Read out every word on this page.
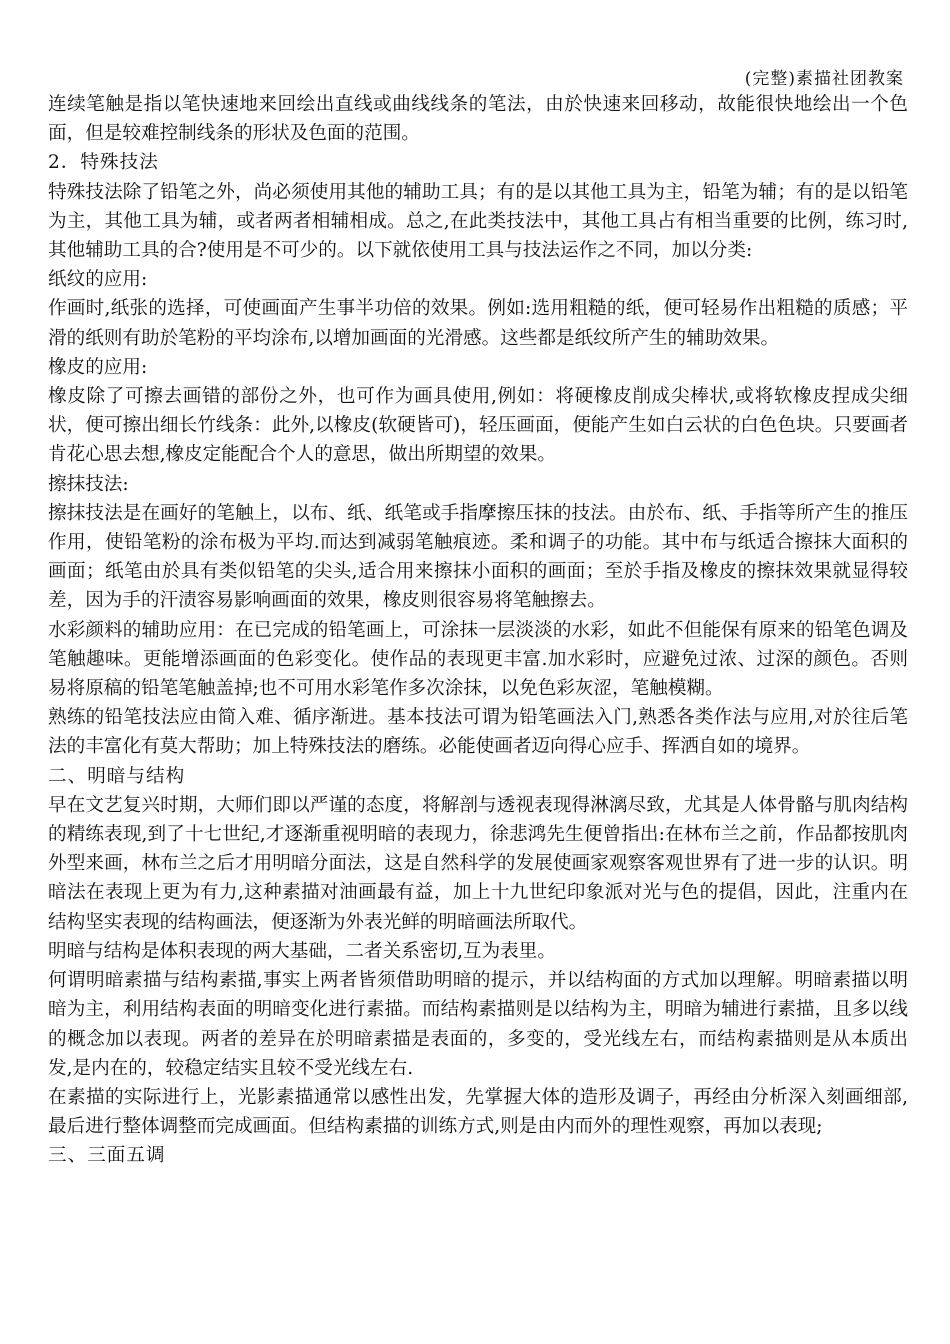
(完整)素描社团教案

连续笔触是指以笔快速地来回绘出直线或曲线线条的笔法，由於快速来回移动，故能很快地绘出一个色面，但是较难控制线条的形状及色面的范围。

2．特殊技法

特殊技法除了铅笔之外，尚必须使用其他的辅助工具；有的是以其他工具为主，铅笔为辅；有的是以铅笔为主，其他工具为辅，或者两者相辅相成。总之,在此类技法中，其他工具占有相当重要的比例，练习时,其他辅助工具的合?使用是不可少的。以下就依使用工具与技法运作之不同，加以分类:

纸纹的应用:

作画时,纸张的选择，可使画面产生事半功倍的效果。例如:选用粗糙的纸，便可轻易作出粗糙的质感；平滑的纸则有助於笔粉的平均涂布,以增加画面的光滑感。这些都是纸纹所产生的辅助效果。

橡皮的应用:

橡皮除了可擦去画错的部份之外，也可作为画具使用,例如：将硬橡皮削成尖棒状,或将软橡皮捏成尖细状，便可擦出细长竹线条：此外,以橡皮(软硬皆可)，轻压画面，便能产生如白云状的白色色块。只要画者肯花心思去想,橡皮定能配合个人的意思，做出所期望的效果。

擦抹技法:

擦抹技法是在画好的笔触上，以布、纸、纸笔或手指摩擦压抹的技法。由於布、纸、手指等所产生的推压作用，使铅笔粉的涂布极为平均.而达到减弱笔触痕迹。柔和调子的功能。其中布与纸适合擦抹大面积的画面；纸笔由於具有类似铅笔的尖头,适合用来擦抹小面积的画面；至於手指及橡皮的擦抹效果就显得较差，因为手的汗渍容易影响画面的效果，橡皮则很容易将笔触擦去。

水彩颜料的辅助应用：在已完成的铅笔画上，可涂抹一层淡淡的水彩，如此不但能保有原来的铅笔色调及笔触趣味。更能增添画面的色彩变化。使作品的表现更丰富.加水彩时，应避免过浓、过深的颜色。否则易将原稿的铅笔笔触盖掉;也不可用水彩笔作多次涂抹，以免色彩灰涩，笔触模糊。

熟练的铅笔技法应由简入难、循序渐进。基本技法可谓为铅笔画法入门,熟悉各类作法与应用,对於往后笔法的丰富化有莫大帮助；加上特殊技法的磨练。必能使画者迈向得心应手、挥洒自如的境界。

二、明暗与结构

早在文艺复兴时期，大师们即以严谨的态度，将解剖与透视表现得淋漓尽致，尤其是人体骨骼与肌肉结构的精练表现,到了十七世纪,才逐渐重视明暗的表现力，徐悲鸿先生便曾指出:在林布兰之前，作品都按肌肉外型来画，林布兰之后才用明暗分面法，这是自然科学的发展使画家观察客观世界有了进一步的认识。明暗法在表现上更为有力,这种素描对油画最有益，加上十九世纪印象派对光与色的提倡，因此，注重内在结构坚实表现的结构画法，便逐渐为外表光鲜的明暗画法所取代。

明暗与结构是体积表现的两大基础，二者关系密切,互为表里。

何谓明暗素描与结构素描,事实上两者皆须借助明暗的提示，并以结构面的方式加以理解。明暗素描以明暗为主，利用结构表面的明暗变化进行素描。而结构素描则是以结构为主，明暗为辅进行素描，且多以线的概念加以表现。两者的差异在於明暗素描是表面的，多变的，受光线左右，而结构素描则是从本质出发,是内在的，较稳定结实且较不受光线左右.

在素描的实际进行上，光影素描通常以感性出发，先掌握大体的造形及调子，再经由分析深入刻画细部,最后进行整体调整而完成画面。但结构素描的训练方式,则是由内而外的理性观察，再加以表现;

三、三面五调
